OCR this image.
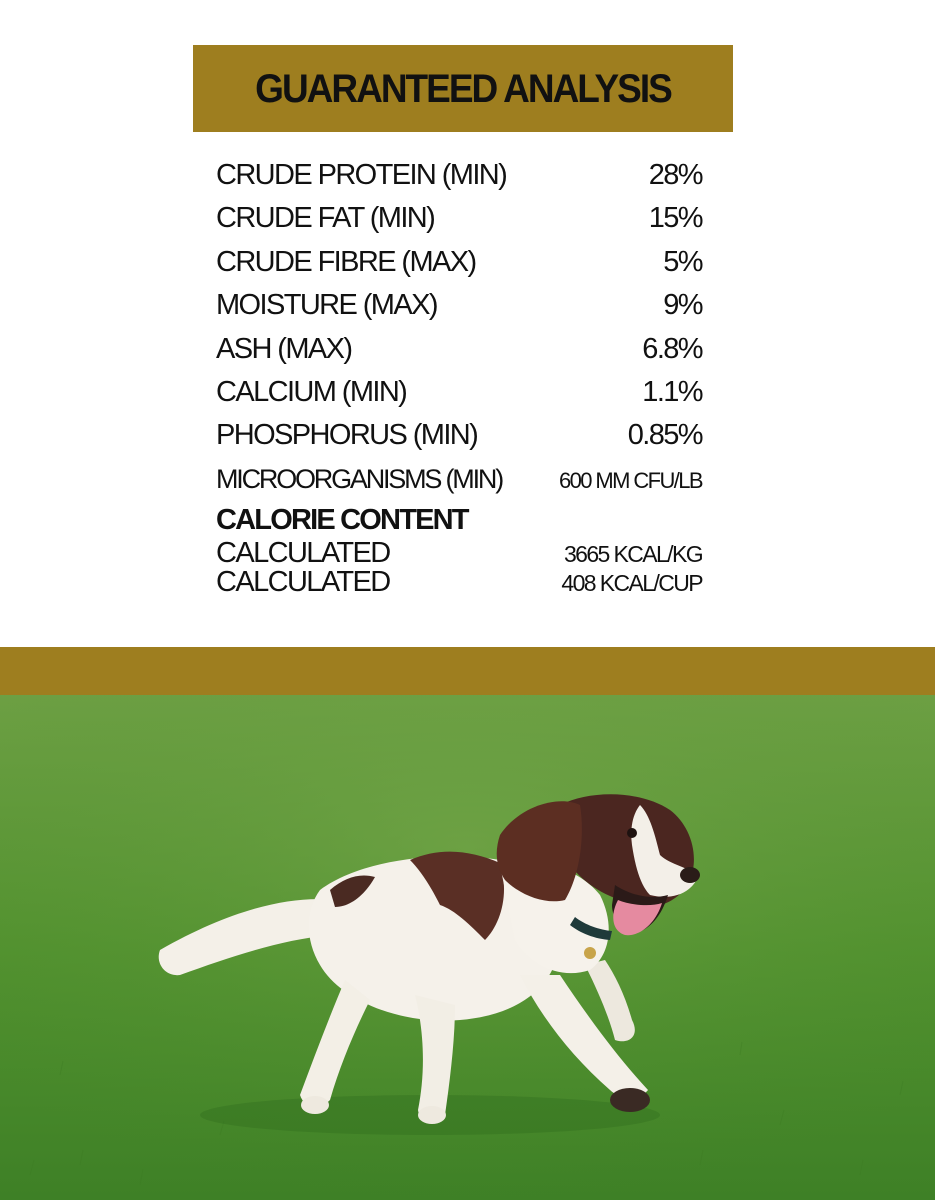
GUARANTEED ANALYSIS
CRUDE PROTEIN (MIN)	28%
CRUDE FAT (MIN)	15%
CRUDE FIBRE (MAX)	5%
MOISTURE (MAX)	9%
ASH (MAX)	6.8%
CALCIUM (MIN)	1.1%
PHOSPHORUS (MIN)	0.85%
MICROORGANISMS (MIN)	600 MM CFU/LB
CALORIE CONTENT
CALCULATED	3665 KCAL/KG
CALCULATED	408 KCAL/CUP
